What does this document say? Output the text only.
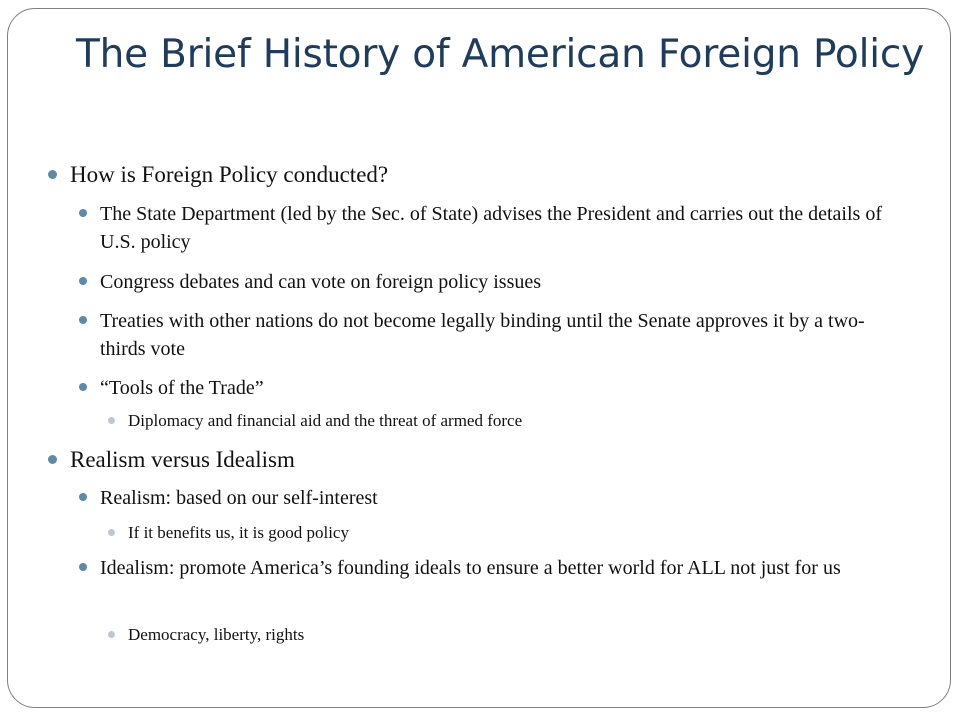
The Brief History of American Foreign Policy
How is Foreign Policy conducted?
The State Department (led by the Sec. of State) advises the President and carries out the details of U.S. policy
Congress debates and can vote on foreign policy issues
Treaties with other nations do not become legally binding until the Senate approves it by a two-thirds vote
“Tools of the Trade”
Diplomacy and financial aid and the threat of armed force
Realism versus Idealism
Realism: based on our self-interest
If it benefits us, it is good policy
Idealism: promote America’s founding ideals to ensure a better world for ALL not just for us
Democracy, liberty, rights
